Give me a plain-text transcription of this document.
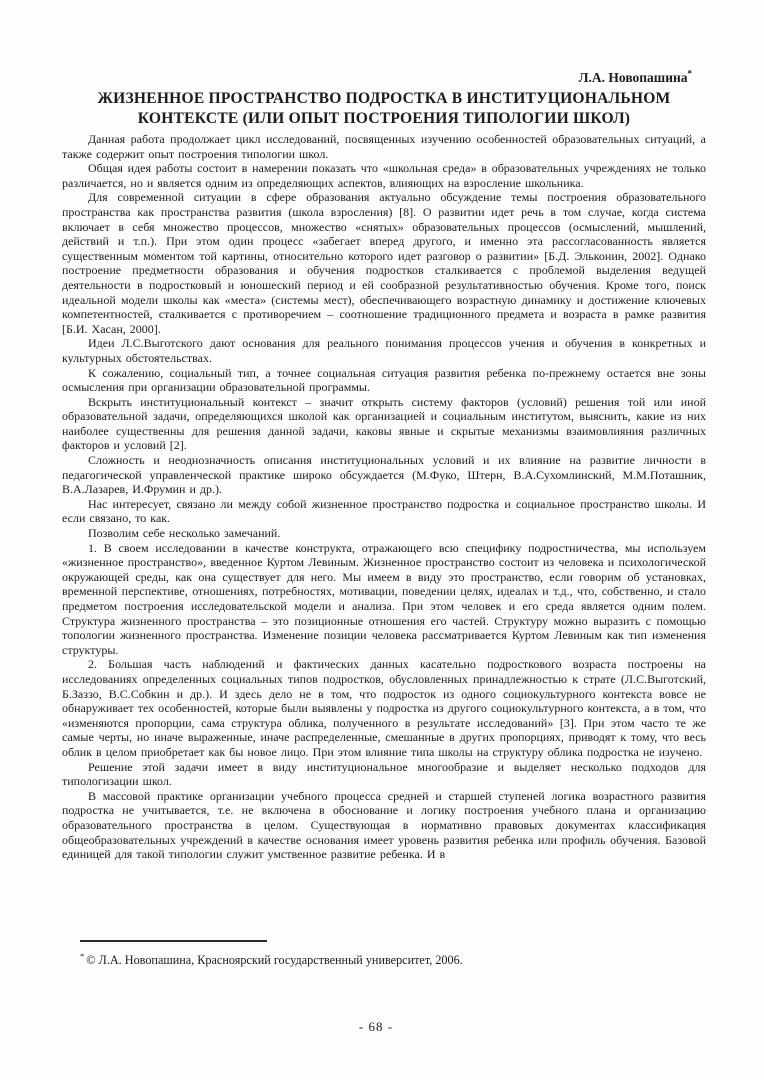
Л.А. Новопашина*
ЖИЗНЕННОЕ ПРОСТРАНСТВО ПОДРОСТКА В ИНСТИТУЦИОНАЛЬНОМ
КОНТЕКСТЕ (ИЛИ ОПЫТ ПОСТРОЕНИЯ ТИПОЛОГИИ ШКОЛ)

Данная работа продолжает цикл исследований, посвященных изучению особенностей образовательных ситуаций, а также содержит опыт построения типологии школ.

Общая идея работы состоит в намерении показать что «школьная среда» в образовательных учреждениях не только различается, но и является одним из определяющих аспектов, влияющих на взросление школьника.

Для современной ситуации в сфере образования актуально обсуждение темы построения образовательного пространства как пространства развития (школа взросления) [8]. О развитии идет речь в том случае, когда система включает в себя множество процессов, множество «снятых» образовательных процессов (осмыслений, мышлений, действий и т.п.). При этом один процесс «забегает вперед другого, и именно эта рассогласованность является существенным моментом той картины, относительно которого идет разговор о развитии» [Б.Д. Эльконин, 2002]. Однако построение предметности образования и обучения подростков сталкивается с проблемой выделения ведущей деятельности в подростковый и юношеский период и ей сообразной результативностью обучения. Кроме того, поиск идеальной модели школы как «места» (системы мест), обеспечивающего возрастную динамику и достижение ключевых компетентностей, сталкивается с противоречием – соотношение традиционного предмета и возраста в рамке развития [Б.И. Хасан, 2000].

Идеи Л.С.Выготского дают основания для реального понимания процессов учения и обучения в конкретных и культурных обстоятельствах.

К сожалению, социальный тип, а точнее социальная ситуация развития ребенка по-прежнему остается вне зоны осмысления при организации образовательной программы.

Вскрыть институциональный контекст – значит открыть систему факторов (условий) решения той или иной образовательной задачи, определяющихся школой как организацией и социальным институтом, выяснить, какие из них наиболее существенны для решения данной задачи, каковы явные и скрытые механизмы взаимовлияния различных факторов и условий [2].

Сложность и неоднозначность описания институциональных условий и их влияние на развитие личности в педагогической управленческой практике широко обсуждается (М.Фуко, Штерн, В.А.Сухомлинский, М.М.Поташник, В.А.Лазарев, И.Фрумин и др.).

Нас интересует, связано ли между собой жизненное пространство подростка и социальное пространство школы. И если связано, то как.

Позволим себе несколько замечаний.

1. В своем исследовании в качестве конструкта, отражающего всю специфику подростничества, мы используем «жизненное пространство», введенное Куртом Левиным. Жизненное пространство состоит из человека и психологической окружающей среды, как она существует для него. Мы имеем в виду это пространство, если говорим об установках, временной перспективе, отношениях, потребностях, мотивации, поведении целях, идеалах и т.д., что, собственно, и стало предметом построения исследовательской модели и анализа. При этом человек и его среда является одним полем. Структура жизненного пространства – это позиционные отношения его частей. Структуру можно выразить с помощью топологии жизненного пространства. Изменение позиции человека рассматривается Куртом Левиным как тип изменения структуры.

2. Большая часть наблюдений и фактических данных касательно подросткового возраста построены на исследованиях определенных социальных типов подростков, обусловленных принадлежностью к страте (Л.С.Выготский, Б.Заззо, В.С.Собкин и др.). И здесь дело не в том, что подросток из одного социокультурного контекста вовсе не обнаруживает тех особенностей, которые были выявлены у подростка из другого социокультурного контекста, а в том, что «изменяются пропорции, сама структура облика, полученного в результате исследований» [3]. При этом часто те же самые черты, но иначе выраженные, иначе распределенные, смешанные в других пропорциях, приводят к тому, что весь облик в целом приобретает как бы новое лицо. При этом влияние типа школы на структуру облика подростка не изучено.

Решение этой задачи имеет в виду институциональное многообразие и выделяет несколько подходов для типологизации школ.

В массовой практике организации учебного процесса средней и старшей ступеней логика возрастного развития подростка не учитывается, т.е. не включена в обоснование и логику построения учебного плана и организацию образовательного пространства в целом. Существующая в нормативно правовых документах классификация общеобразовательных учреждений в качестве основания имеет уровень развития ребенка или профиль обучения. Базовой единицей для такой типологии служит умственное развитие ребенка. И в

* © Л.А. Новопашина, Красноярский государственный университет, 2006.
- 68 -
